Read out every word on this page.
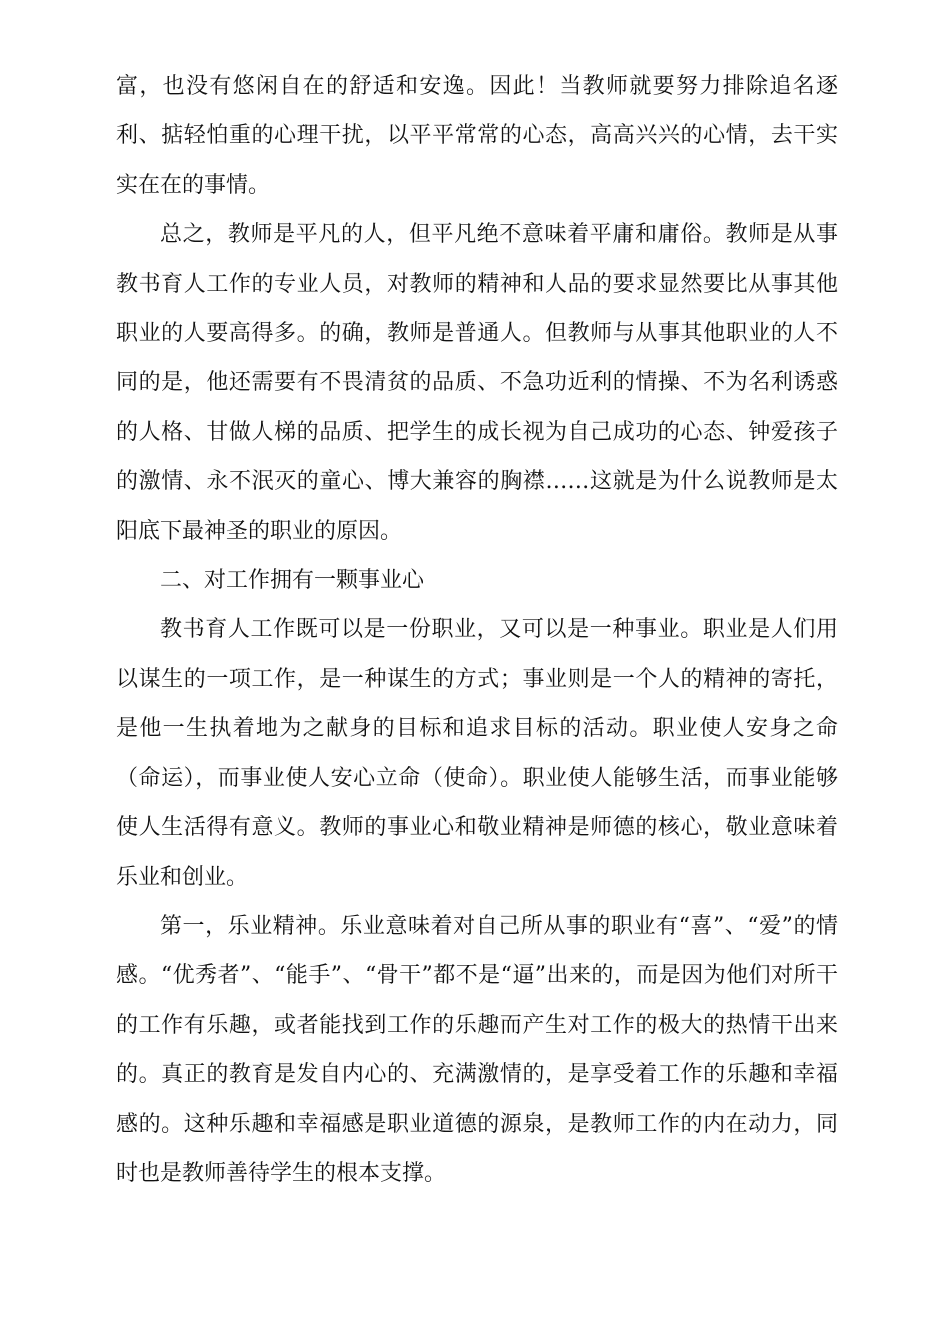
富，也没有悠闲自在的舒适和安逸。因此！当教师就要努力排除追名逐利、掂轻怕重的心理干扰，以平平常常的心态，高高兴兴的心情，去干实实在在的事情。

总之，教师是平凡的人，但平凡绝不意味着平庸和庸俗。教师是从事教书育人工作的专业人员，对教师的精神和人品的要求显然要比从事其他职业的人要高得多。的确，教师是普通人。但教师与从事其他职业的人不同的是，他还需要有不畏清贫的品质、不急功近利的情操、不为名利诱惑的人格、甘做人梯的品质、把学生的成长视为自己成功的心态、钟爱孩子的激情、永不泯灭的童心、博大兼容的胸襟……这就是为什么说教师是太阳底下最神圣的职业的原因。

二、对工作拥有一颗事业心

教书育人工作既可以是一份职业，又可以是一种事业。职业是人们用以谋生的一项工作，是一种谋生的方式；事业则是一个人的精神的寄托，是他一生执着地为之献身的目标和追求目标的活动。职业使人安身之命（命运），而事业使人安心立命（使命）。职业使人能够生活，而事业能够使人生活得有意义。教师的事业心和敬业精神是师德的核心，敬业意味着乐业和创业。

第一，乐业精神。乐业意味着对自己所从事的职业有“喜”、“爱”的情感。“优秀者”、“能手”、“骨干”都不是“逼”出来的，而是因为他们对所干的工作有乐趣，或者能找到工作的乐趣而产生对工作的极大的热情干出来的。真正的教育是发自内心的、充满激情的，是享受着工作的乐趣和幸福感的。这种乐趣和幸福感是职业道德的源泉，是教师工作的内在动力，同时也是教师善待学生的根本支撑。
